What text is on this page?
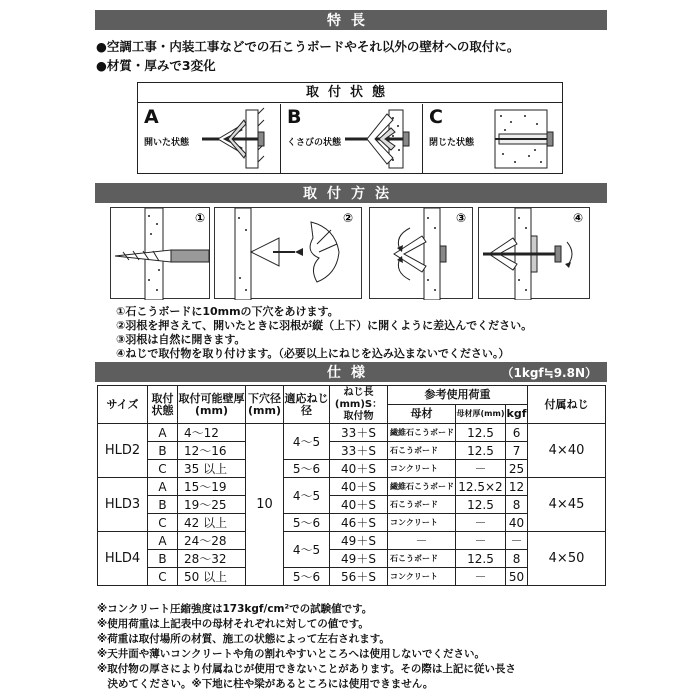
特長
●空調工事・内装工事などでの石こうボードやそれ以外の壁材への取付に。
●材質・厚みで3変化
取付状態
A
開いた状態
B
くさびの状態
C
閉じた状態
取付方法
①	②	③	④
①石こうボードに10mmの下穴をあけます。
②羽根を押さえて、開いたときに羽根が縦（上下）に開くように差込んでください。
③羽根は自然に開きます。
④ねじで取付物を取り付けます。（必要以上にねじを込み込まないでください。）
仕様	（1kgf≒9.8N）
サイズ	取付状態	取付可能壁厚(mm)	下穴径(mm)	適応ねじ径	ねじ長(mm)S：取付物	参考使用荷重			付属ねじ
						母材	母材厚(mm)	kgf	
HLD2	A	4～12	10	4～5	33＋S	繊維石こうボード	12.5	6	4×40
	B	12～16			33＋S	石こうボード	12.5	7	
	C	35 以上		5～6	40＋S	コンクリート	－	25	
HLD3	A	15～19		4～5	40＋S	繊維石こうボード	12.5×2	12	4×45
	B	19～25			40＋S	石こうボード	12.5	8	
	C	42 以上		5～6	46＋S	コンクリート	－	40	
HLD4	A	24～28		4～5	49＋S	－	－	－	4×50
	B	28～32			49＋S	石こうボード	12.5	8	
	C	50 以上		5～6	56＋S	コンクリート	－	50	
※コンクリート圧縮強度は173kgf/cm²での試験値です。
※使用荷重は上記表中の母材それぞれに対しての値です。
※荷重は取付場所の材質、施工の状態によって左右されます。
※天井面や薄いコンクリートや角の割れやすいところへは使用しないでください。
※取付物の厚さにより付属ねじが使用できないことがあります。その際は上記に従い長さ
　決めてください。※下地に柱や梁があるところには使用できません。
